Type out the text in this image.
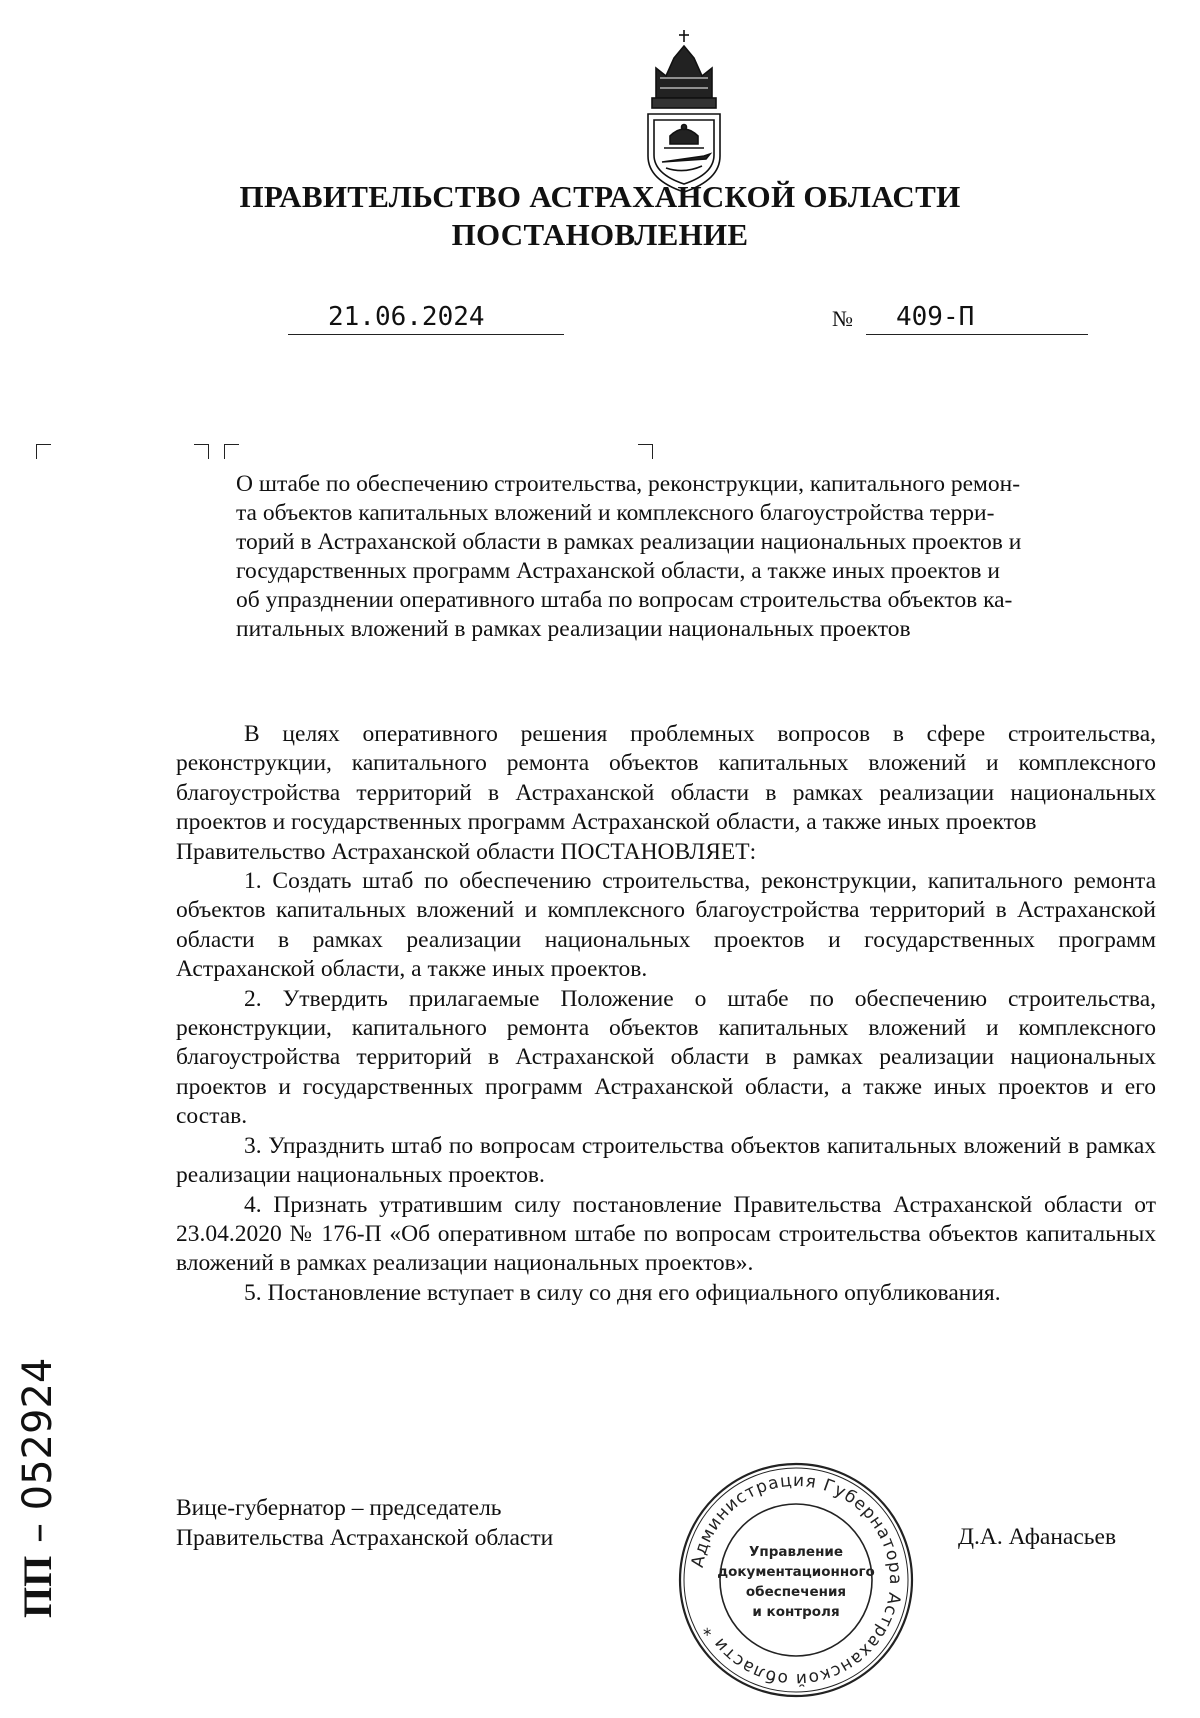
ПРАВИТЕЛЬСТВО АСТРАХАНСКОЙ ОБЛАСТИ
ПОСТАНОВЛЕНИЕ
21.06.2024	№ 409-П
О штабе по обеспечению строительства, реконструкции, капитального ремон-
та объектов капитальных вложений и комплексного благоустройства терри-
торий в Астраханской области в рамках реализации национальных проектов и
государственных программ Астраханской области, а также иных проектов и
об упразднении оперативного штаба по вопросам строительства объектов ка-
питальных вложений в рамках реализации национальных проектов

В целях оперативного решения проблемных вопросов в сфере строительства, реконструкции, капитального ремонта объектов капитальных вложений и комплексного благоустройства территорий в Астраханской области в рамках реализации национальных проектов и государственных программ Астраханской области, а также иных проектов

Правительство Астраханской области ПОСТАНОВЛЯЕТ:

1. Создать штаб по обеспечению строительства, реконструкции, капитального ремонта объектов капитальных вложений и комплексного благоустройства территорий в Астраханской области в рамках реализации национальных проектов и государственных программ Астраханской области, а также иных проектов.

2. Утвердить прилагаемые Положение о штабе по обеспечению строительства, реконструкции, капитального ремонта объектов капитальных вложений и комплексного благоустройства территорий в Астраханской области в рамках реализации национальных проектов и государственных программ Астраханской области, а также иных проектов и его состав.

3. Упразднить штаб по вопросам строительства объектов капитальных вложений в рамках реализации национальных проектов.

4. Признать утратившим силу постановление Правительства Астраханской области от 23.04.2020 № 176-П «Об оперативном штабе по вопросам строительства объектов капитальных вложений в рамках реализации национальных проектов».

5. Постановление вступает в силу со дня его официального опубликования.

Вице-губернатор – председатель
Правительства Астраханской области	Д.А. Афанасьев
Администрация Губернатора Астраханской области *
Управление
документационного
обеспечения
и контроля
ПП – 052924
